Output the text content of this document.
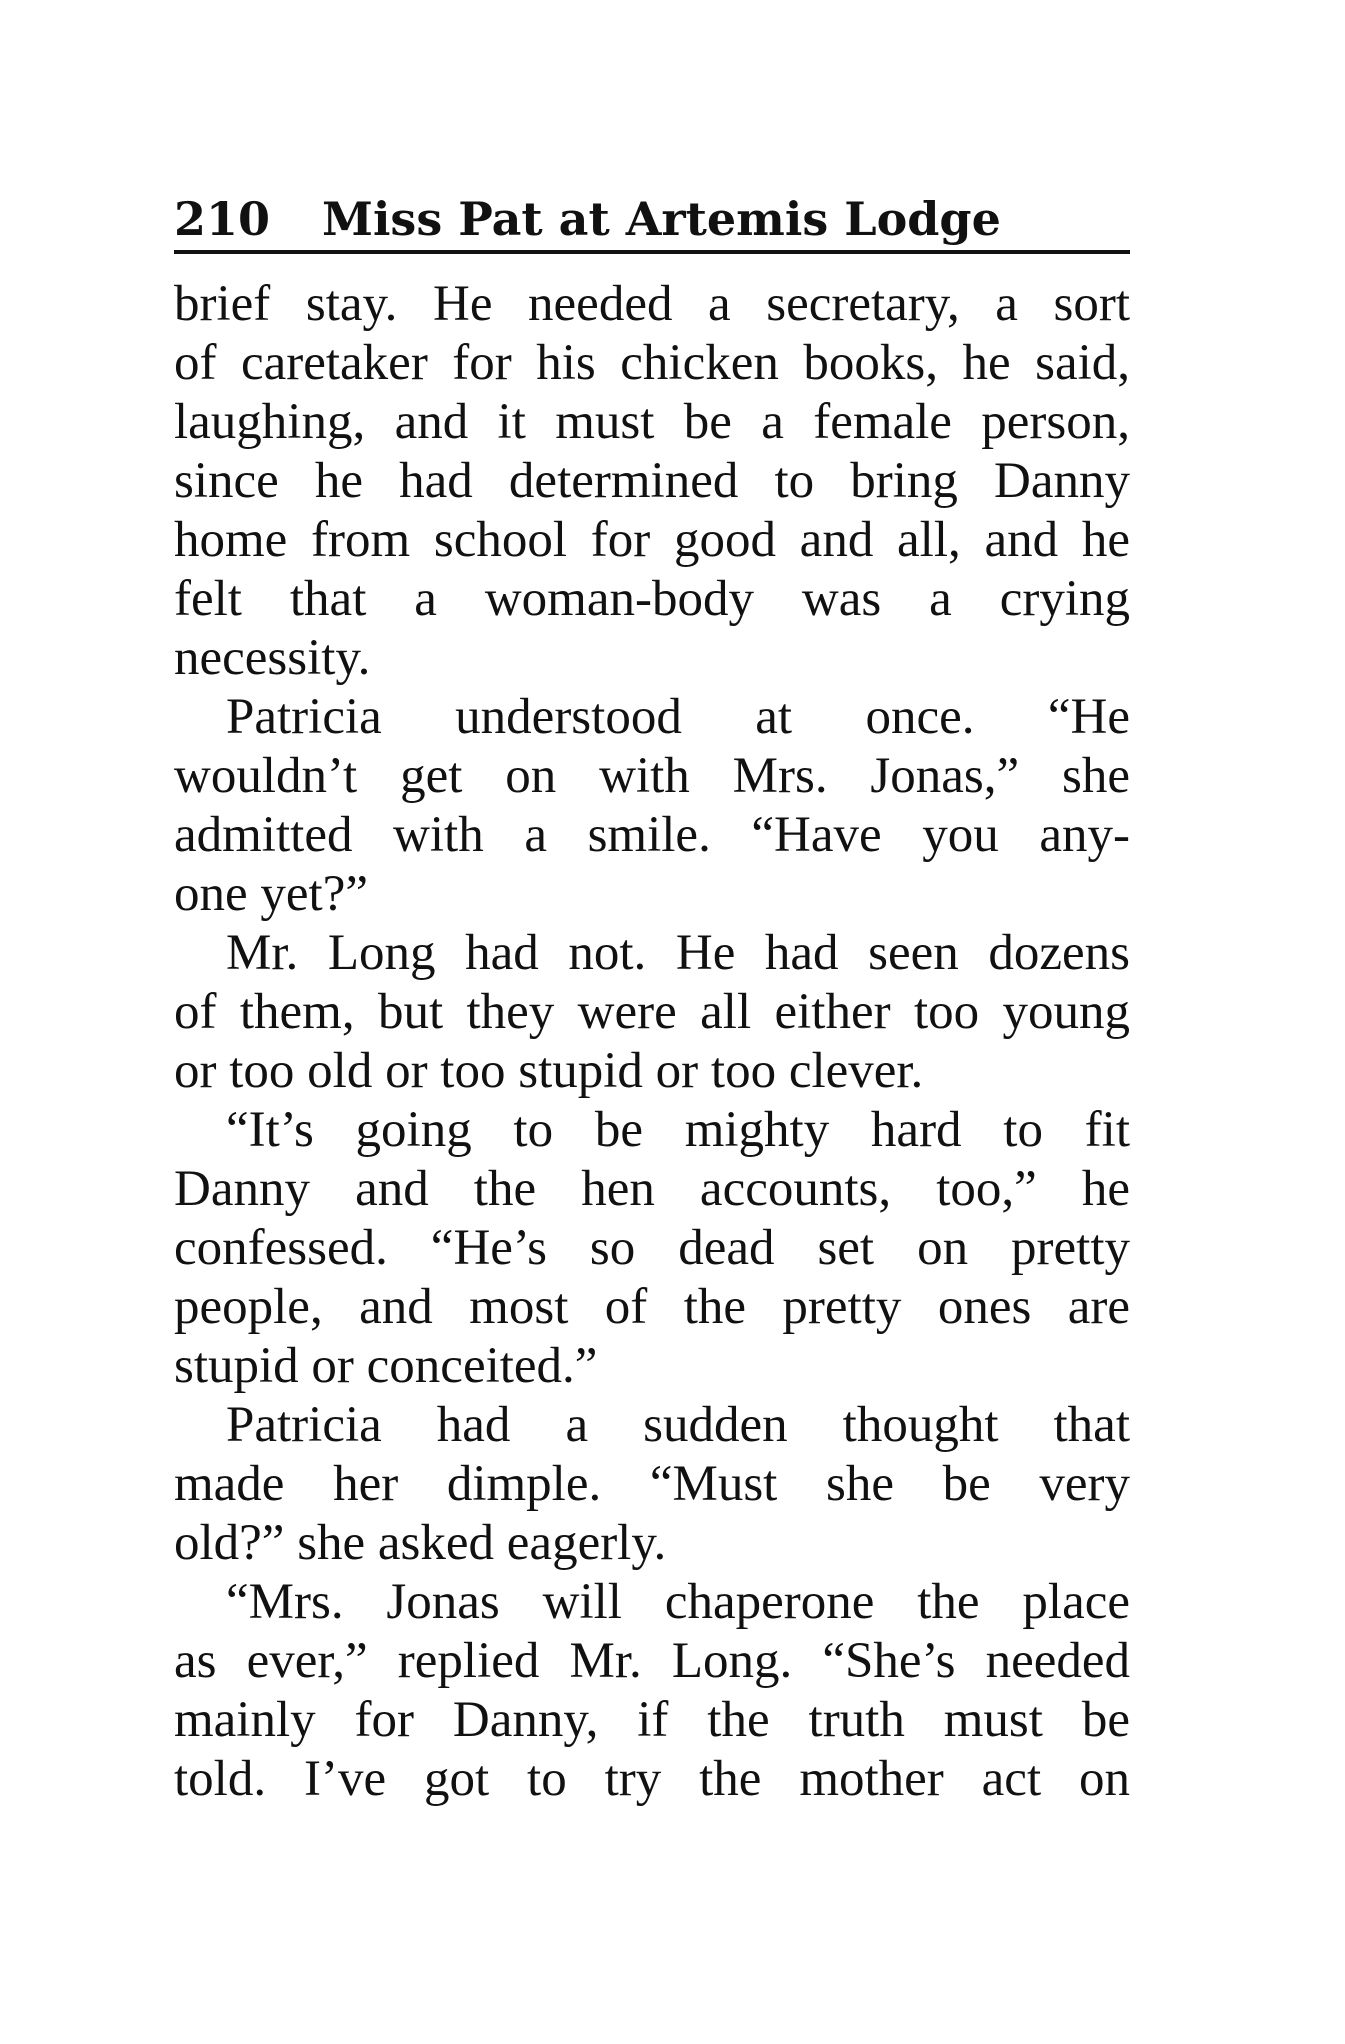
210 Miss Pat at Artemis Lodge
brief stay. He needed a secretary, a sort
of caretaker for his chicken books, he said,
laughing, and it must be a female person,
since he had determined to bring Danny
home from school for good and all, and he
felt that a woman-body was a crying
necessity.
Patricia understood at once. “He
wouldn’t get on with Mrs. Jonas,” she
admitted with a smile. “Have you any-
one yet?”
Mr. Long had not. He had seen dozens
of them, but they were all either too young
or too old or too stupid or too clever.
“It’s going to be mighty hard to fit
Danny and the hen accounts, too,” he
confessed. “He’s so dead set on pretty
people, and most of the pretty ones are
stupid or conceited.”
Patricia had a sudden thought that
made her dimple. “Must she be very
old?” she asked eagerly.
“Mrs. Jonas will chaperone the place
as ever,” replied Mr. Long. “She’s needed
mainly for Danny, if the truth must be
told. I’ve got to try the mother act on
